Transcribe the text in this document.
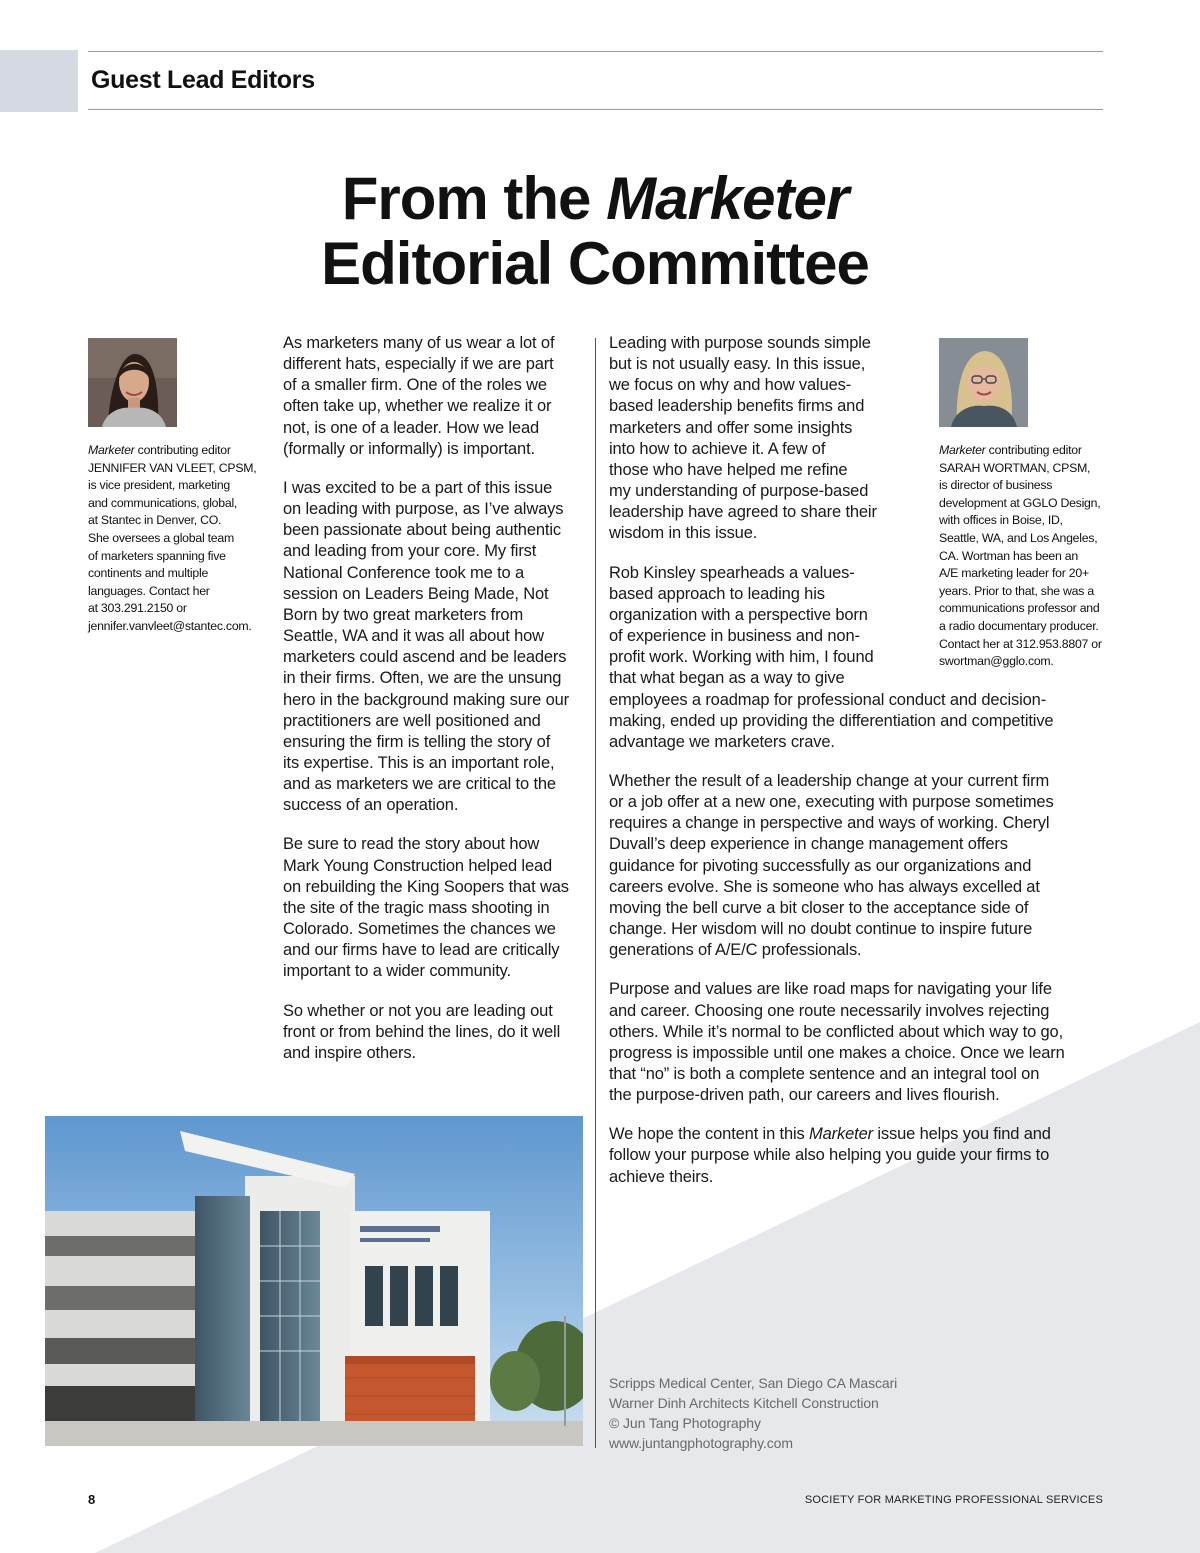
Guest Lead Editors
From the Marketer
Editorial Committee
Marketer contributing editor
JENNIFER VAN VLEET, CPSM,
is vice president, marketing
and communications, global,
at Stantec in Denver, CO.
She oversees a global team
of marketers spanning five
continents and multiple
languages. Contact her
at 303.291.2150 or
jennifer.vanvleet@stantec.com.
Marketer contributing editor
SARAH WORTMAN, CPSM,
is director of business
development at GGLO Design,
with offices in Boise, ID,
Seattle, WA, and Los Angeles,
CA. Wortman has been an
A/E marketing leader for 20+
years. Prior to that, she was a
communications professor and
a radio documentary producer.
Contact her at 312.953.8807 or
swortman@gglo.com.
As marketers many of us wear a lot of
different hats, especially if we are part
of a smaller firm. One of the roles we
often take up, whether we realize it or
not, is one of a leader. How we lead
(formally or informally) is important.
I was excited to be a part of this issue
on leading with purpose, as I’ve always
been passionate about being authentic
and leading from your core. My first
National Conference took me to a
session on Leaders Being Made, Not
Born by two great marketers from
Seattle, WA and it was all about how
marketers could ascend and be leaders
in their firms. Often, we are the unsung
hero in the background making sure our
practitioners are well positioned and
ensuring the firm is telling the story of
its expertise. This is an important role,
and as marketers we are critical to the
success of an operation.
Be sure to read the story about how
Mark Young Construction helped lead
on rebuilding the King Soopers that was
the site of the tragic mass shooting in
Colorado. Sometimes the chances we
and our firms have to lead are critically
important to a wider community.
So whether or not you are leading out
front or from behind the lines, do it well
and inspire others.
Leading with purpose sounds simple
but is not usually easy. In this issue,
we focus on why and how values-
based leadership benefits firms and
marketers and offer some insights
into how to achieve it. A few of
those who have helped me refine
my understanding of purpose-based
leadership have agreed to share their
wisdom in this issue.
Rob Kinsley spearheads a values-
based approach to leading his
organization with a perspective born
of experience in business and non-
profit work. Working with him, I found
that what began as a way to give
employees a roadmap for professional conduct and decision-
making, ended up providing the differentiation and competitive
advantage we marketers crave.
Whether the result of a leadership change at your current firm
or a job offer at a new one, executing with purpose sometimes
requires a change in perspective and ways of working. Cheryl
Duvall’s deep experience in change management offers
guidance for pivoting successfully as our organizations and
careers evolve. She is someone who has always excelled at
moving the bell curve a bit closer to the acceptance side of
change. Her wisdom will no doubt continue to inspire future
generations of A/E/C professionals.
Purpose and values are like road maps for navigating your life
and career. Choosing one route necessarily involves rejecting
others. While it’s normal to be conflicted about which way to go,
progress is impossible until one makes a choice. Once we learn
that “no” is both a complete sentence and an integral tool on
the purpose-driven path, our careers and lives flourish.
We hope the content in this Marketer issue helps you find and
follow your purpose while also helping you guide your firms to
achieve theirs.
Scripps Medical Center, San Diego CA Mascari
Warner Dinh Architects Kitchell Construction
© Jun Tang Photography
www.juntangphotography.com
8	SOCIETY FOR MARKETING PROFESSIONAL SERVICES
